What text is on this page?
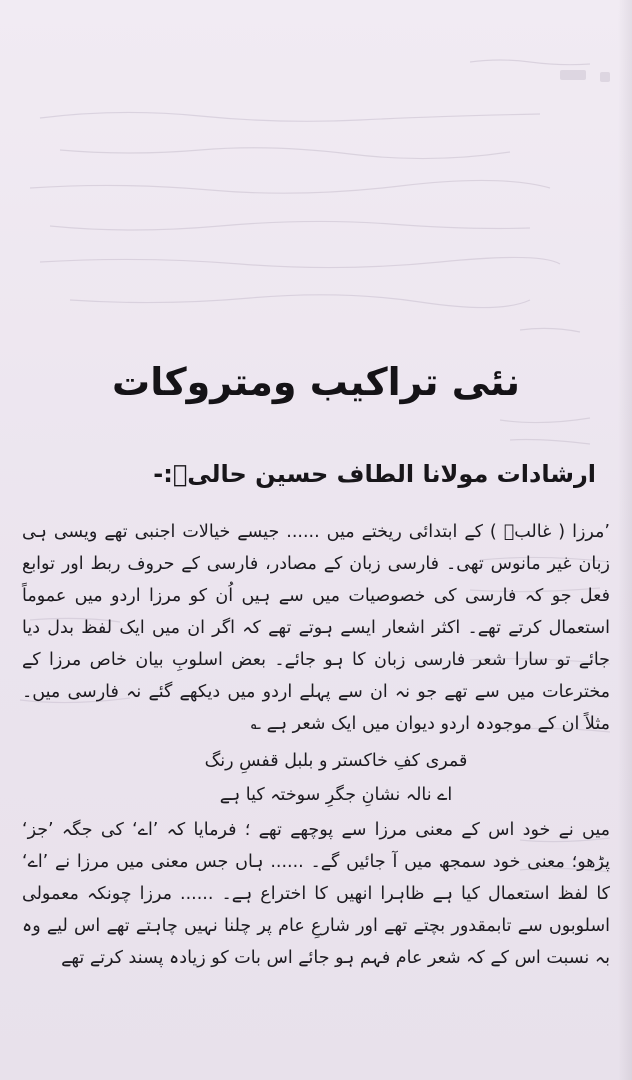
نئی تراکیب ومتروکات
ارشادات مولانا الطاف حسین حالیؔ:-

’مرزا ( غالبؔ ) کے ابتدائی ریختے میں ...... جیسے خیالات اجنبی تھے ویسی ہی زبان غیر مانوس تھی۔ فارسی زبان کے مصادر، فارسی کے حروف ربط اور توابع فعل جو کہ فارسی کی خصوصیات میں سے ہیں اُن کو مرزا اردو میں عموماً استعمال کرتے تھے۔ اکثر اشعار ایسے ہوتے تھے کہ اگر ان میں ایک لفظ بدل دیا جائے تو سارا شعر فارسی زبان کا ہو جائے۔ بعض اسلوبِ بیان خاص مرزا کے مخترعات میں سے تھے جو نہ ان سے پہلے اردو میں دیکھے گئے نہ فارسی میں۔ مثلاً ان کے موجودہ اردو دیوان میں ایک شعر ہے ؎

قمری کفِ خاکستر و بلبل قفسِ رنگ
اے نالہ نشانِ جگرِ سوختہ کیا ہے

میں نے خود اس کے معنی مرزا سے پوچھے تھے ؛ فرمایا کہ ’اے‘ کی جگہ ’جز‘ پڑھو؛ معنی خود سمجھ میں آ جائیں گے۔ ...... ہاں جس معنی میں مرزا نے ’اے‘ کا لفظ استعمال کیا ہے ظاہرا انھیں کا اختراع ہے۔ ...... مرزا چونکہ معمولی اسلوبوں سے تابمقدور بچتے تھے اور شارعِ عام پر چلنا نہیں چاہتے تھے اس لیے وہ بہ نسبت اس کے کہ شعر عام فہم ہو جائے اس بات کو زیادہ پسند کرتے تھے
